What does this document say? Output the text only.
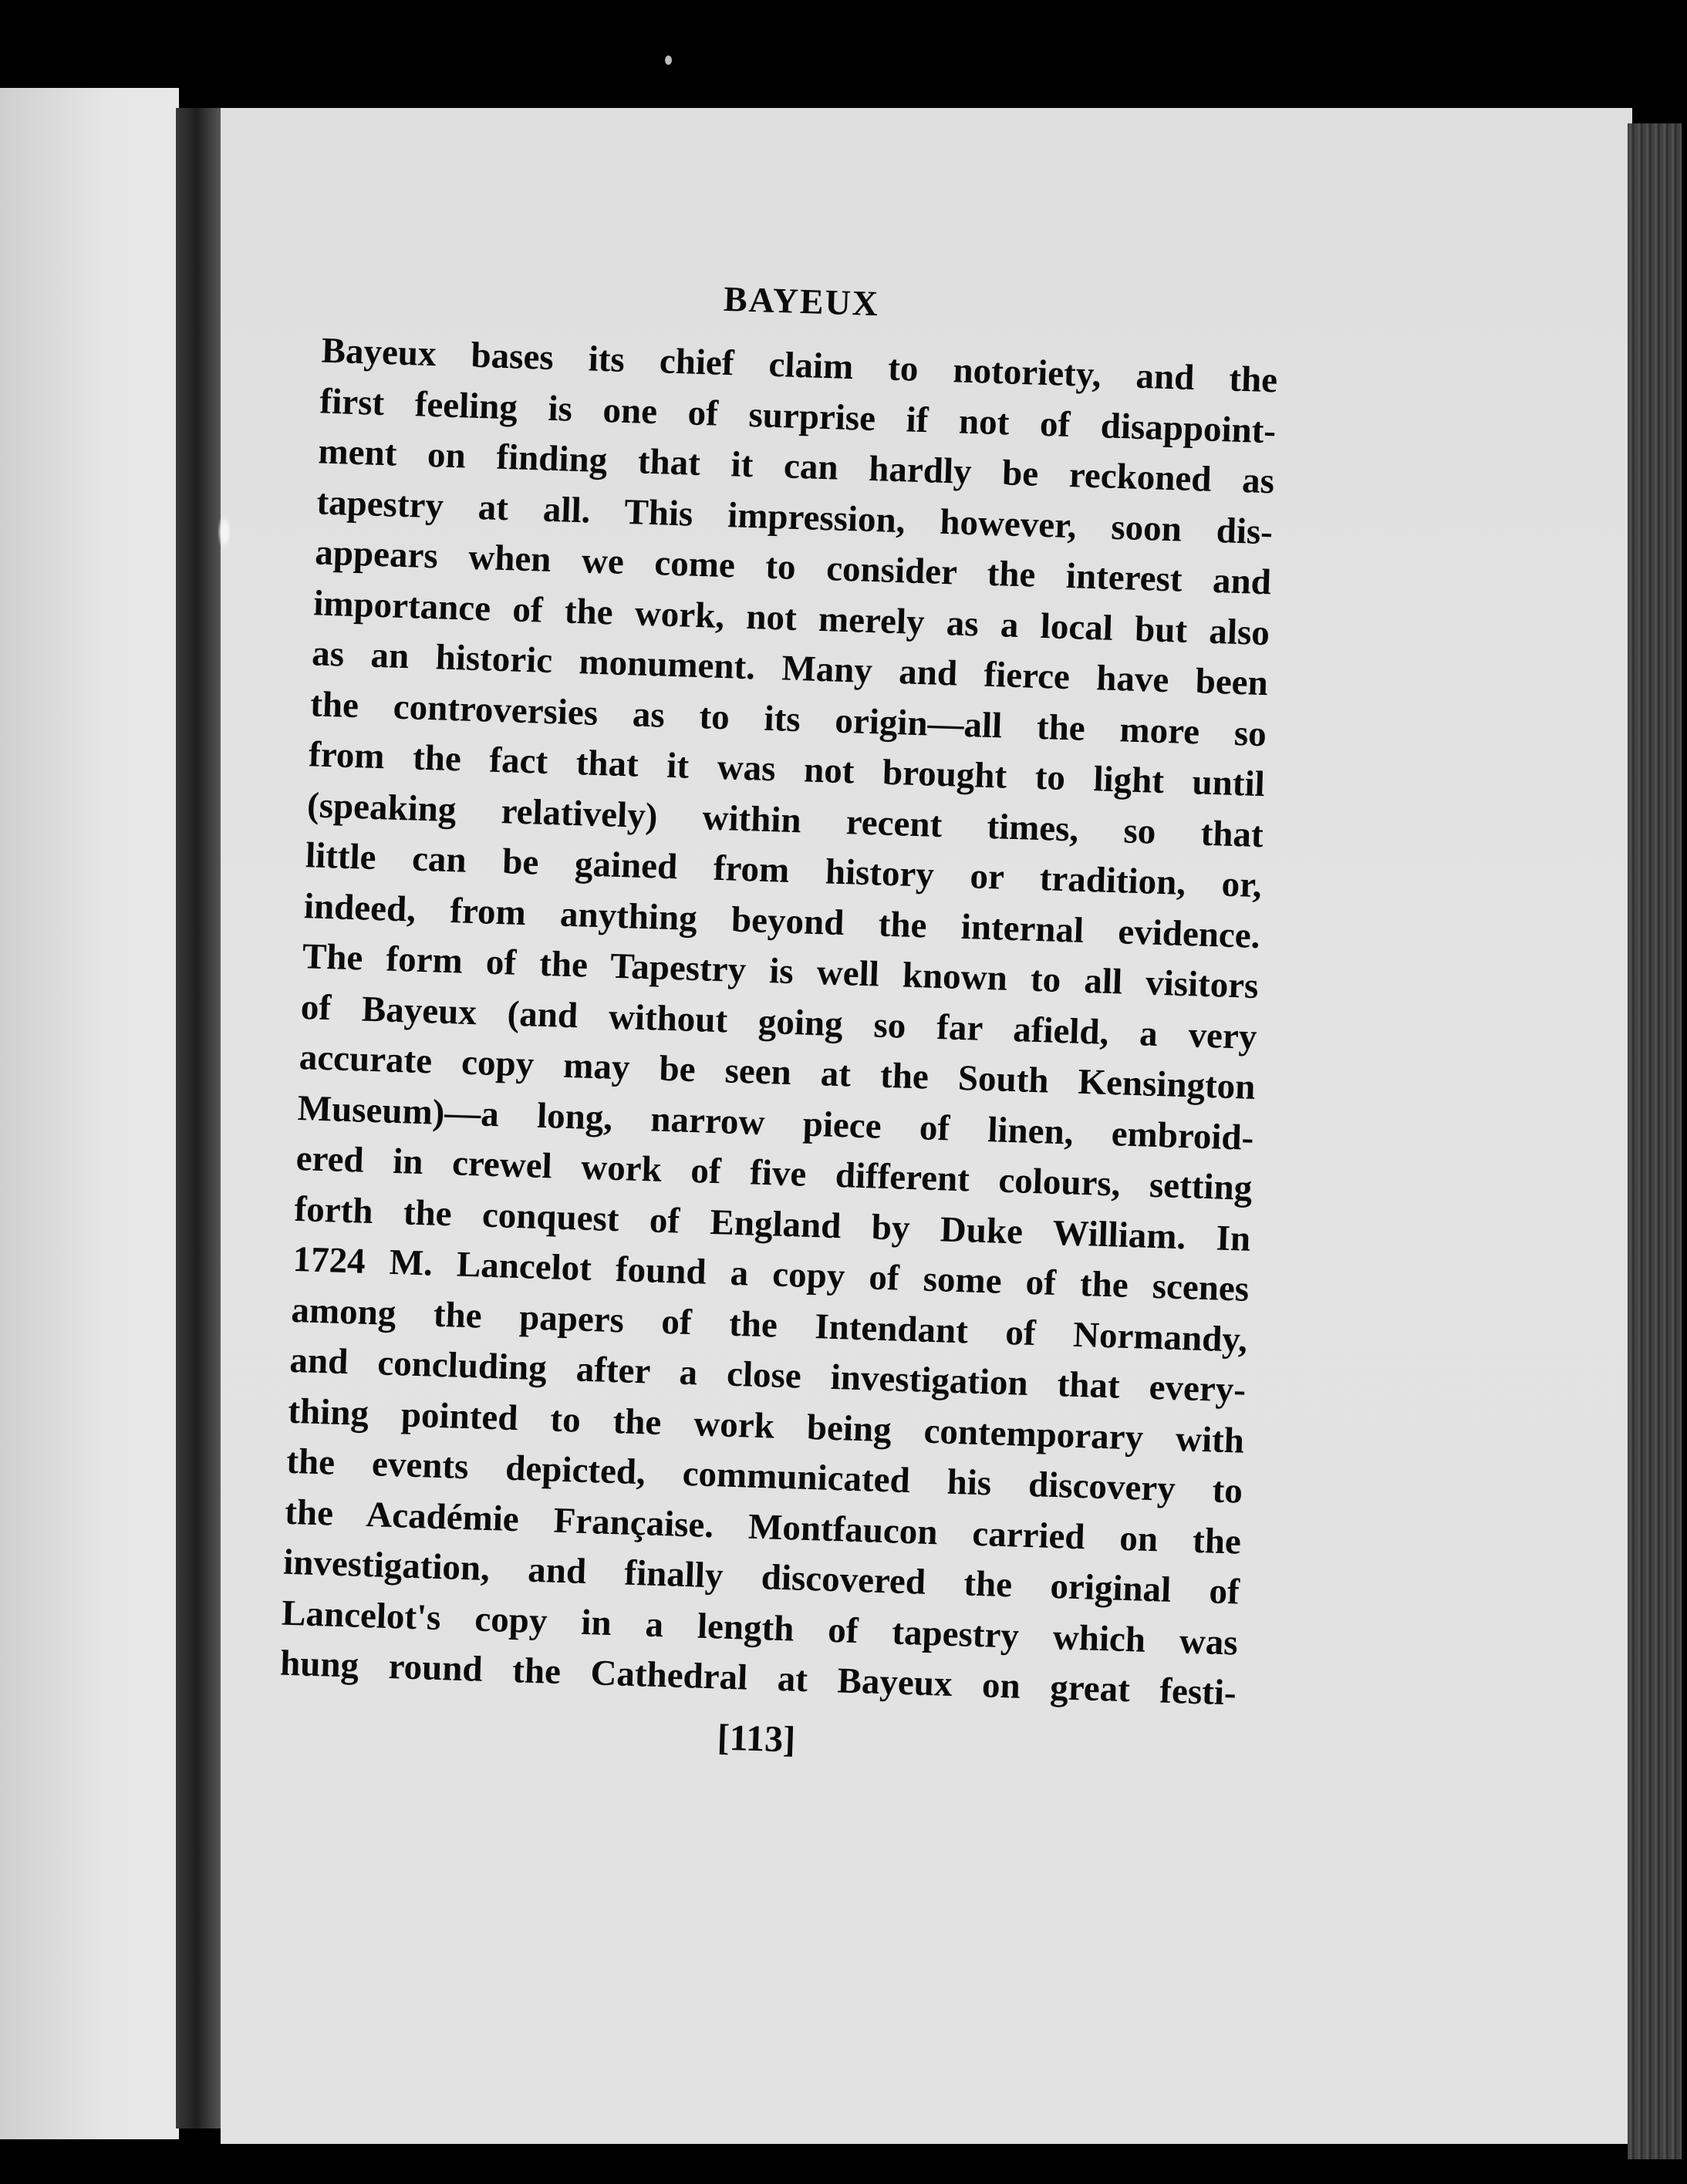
BAYEUX
Bayeux bases its chief claim to notoriety, and the
first feeling is one of surprise if not of disappoint-
ment on finding that it can hardly be reckoned as
tapestry at all. This impression, however, soon dis-
appears when we come to consider the interest and
importance of the work, not merely as a local but also
as an historic monument. Many and fierce have been
the controversies as to its origin—all the more so
from the fact that it was not brought to light until
(speaking relatively) within recent times, so that
little can be gained from history or tradition, or,
indeed, from anything beyond the internal evidence.
The form of the Tapestry is well known to all visitors
of Bayeux (and without going so far afield, a very
accurate copy may be seen at the South Kensington
Museum)—a long, narrow piece of linen, embroid-
ered in crewel work of five different colours, setting
forth the conquest of England by Duke William. In
1724 M. Lancelot found a copy of some of the scenes
among the papers of the Intendant of Normandy,
and concluding after a close investigation that every-
thing pointed to the work being contemporary with
the events depicted, communicated his discovery to
the Académie Française. Montfaucon carried on the
investigation, and finally discovered the original of
Lancelot's copy in a length of tapestry which was
hung round the Cathedral at Bayeux on great festi-
[113]
